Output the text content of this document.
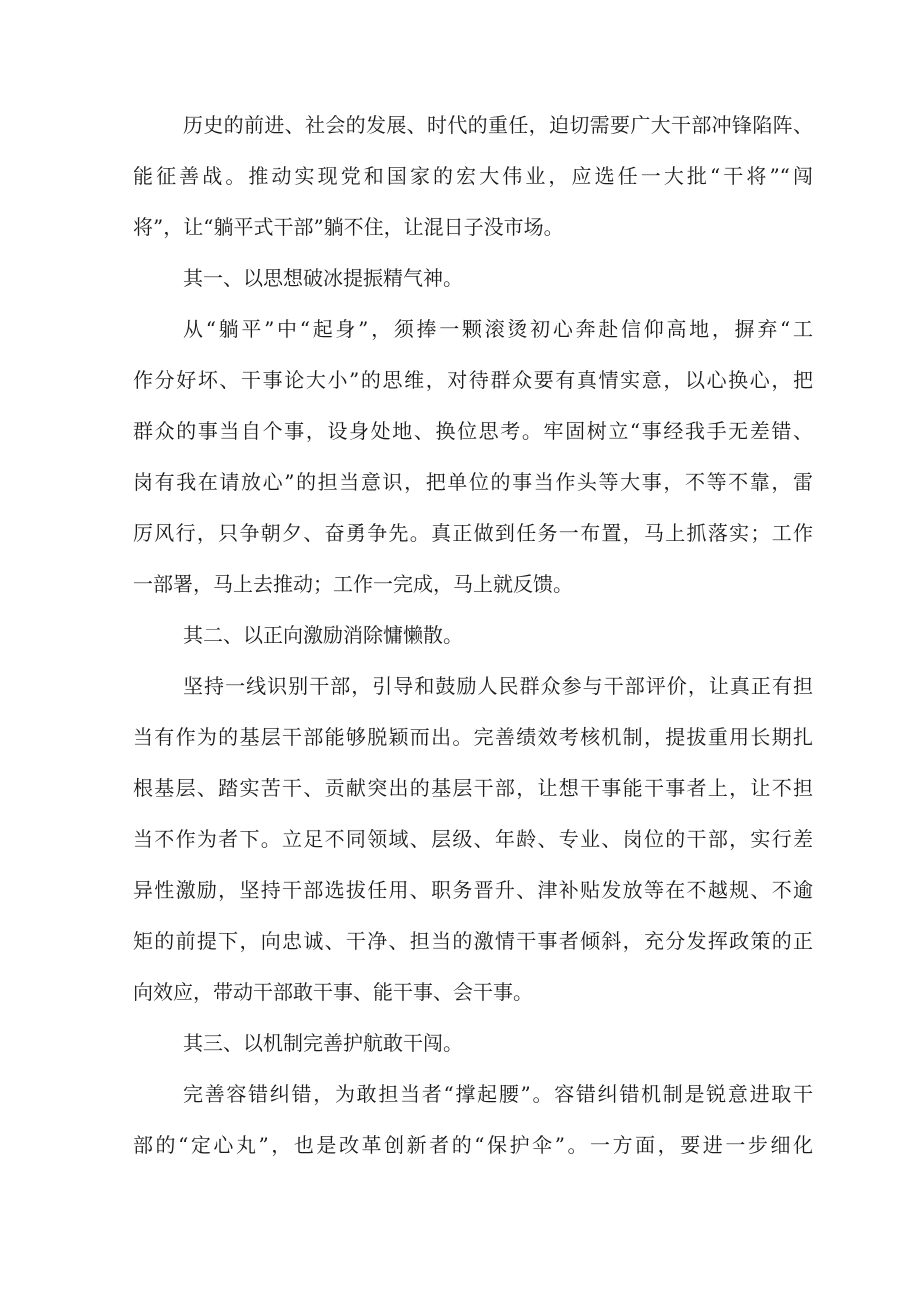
历史的前进、社会的发展、时代的重任，迫切需要广大干部冲锋陷阵、
能征善战。推动实现党和国家的宏大伟业，应选任一大批“干将”“闯
将”，让“躺平式干部”躺不住，让混日子没市场。
其一、以思想破冰提振精气神。
从“躺平”中“起身”，须捧一颗滚烫初心奔赴信仰高地，摒弃“工
作分好坏、干事论大小”的思维，对待群众要有真情实意，以心换心，把
群众的事当自个事，设身处地、换位思考。牢固树立“事经我手无差错、
岗有我在请放心”的担当意识，把单位的事当作头等大事，不等不靠，雷
厉风行，只争朝夕、奋勇争先。真正做到任务一布置，马上抓落实；工作
一部署，马上去推动；工作一完成，马上就反馈。
其二、以正向激励消除慵懒散。
坚持一线识别干部，引导和鼓励人民群众参与干部评价，让真正有担
当有作为的基层干部能够脱颖而出。完善绩效考核机制，提拔重用长期扎
根基层、踏实苦干、贡献突出的基层干部，让想干事能干事者上，让不担
当不作为者下。立足不同领域、层级、年龄、专业、岗位的干部，实行差
异性激励，坚持干部选拔任用、职务晋升、津补贴发放等在不越规、不逾
矩的前提下，向忠诚、干净、担当的激情干事者倾斜，充分发挥政策的正
向效应，带动干部敢干事、能干事、会干事。
其三、以机制完善护航敢干闯。
完善容错纠错，为敢担当者“撑起腰”。容错纠错机制是锐意进取干
部的“定心丸”，也是改革创新者的“保护伞”。一方面，要进一步细化
